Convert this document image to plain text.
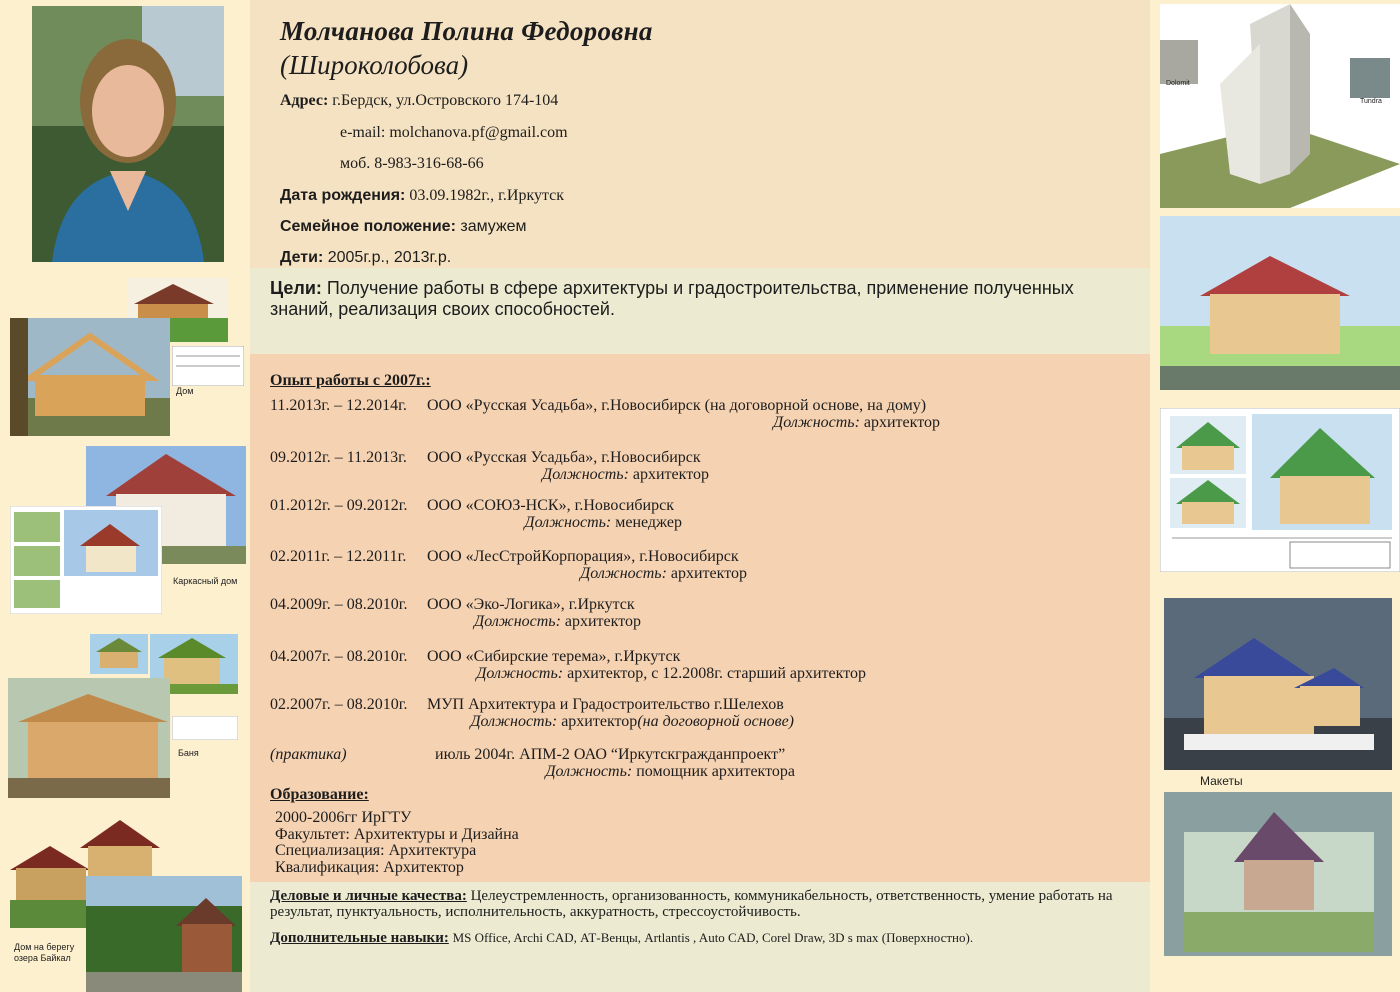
Дом
Каркасный дом
Баня
Дом на берегу озера Байкал
Молчанова Полина Федоровна
(Широколобова)
Адрес: г.Бердск, ул.Островского 174-104
e-mail: molchanova.pf@gmail.com
моб. 8-983-316-68-66
Дата рождения: 03.09.1982г., г.Иркутск
Семейное положение: замужем
Дети: 2005г.р., 2013г.р.
Цели: Получение работы в сфере архитектуры и градостроительства, применение полученных знаний, реализация своих способностей.
Опыт работы с 2007г.:
11.2013г. – 12.2014г. ООО «Русская Усадьба», г.Новосибирск (на договорной основе, на дому)
Должность: архитектор
09.2012г. – 11.2013г. ООО «Русская Усадьба», г.Новосибирск
Должность: архитектор
01.2012г. – 09.2012г. ООО «СОЮЗ-НСК», г.Новосибирск
Должность: менеджер
02.2011г. – 12.2011г. ООО «ЛесСтройКорпорация», г.Новосибирск
Должность: архитектор
04.2009г. – 08.2010г. ООО «Эко-Логика», г.Иркутск
Должность: архитектор
04.2007г. – 08.2010г. ООО «Сибирские терема», г.Иркутск
Должность: архитектор, с 12.2008г. старший архитектор
02.2007г. – 08.2010г. МУП Архитектура и Градостроительство г.Шелехов
Должность: архитектор(на договорной основе)
(практика)	июль 2004г. АПМ-2 ОАО “Иркутскгражданпроект”
Должность: помощник архитектора
Образование:
2000-2006гг ИрГТУ
Факультет: Архитектуры и Дизайна
Специализация: Архитектура
Квалификация: Архитектор
Деловые и личные качества: Целеустремленность, организованность, коммуникабельность, ответственность, умение работать на результат, пунктуальность, исполнительность, аккуратность, стрессоустойчивость.
Дополнительные навыки: MS Office, Archi CAD, АТ-Венцы, Artlantis , Auto CAD, Corel Draw, 3D s max (Поверхностно).
Dolomit
Tundra
Макеты
